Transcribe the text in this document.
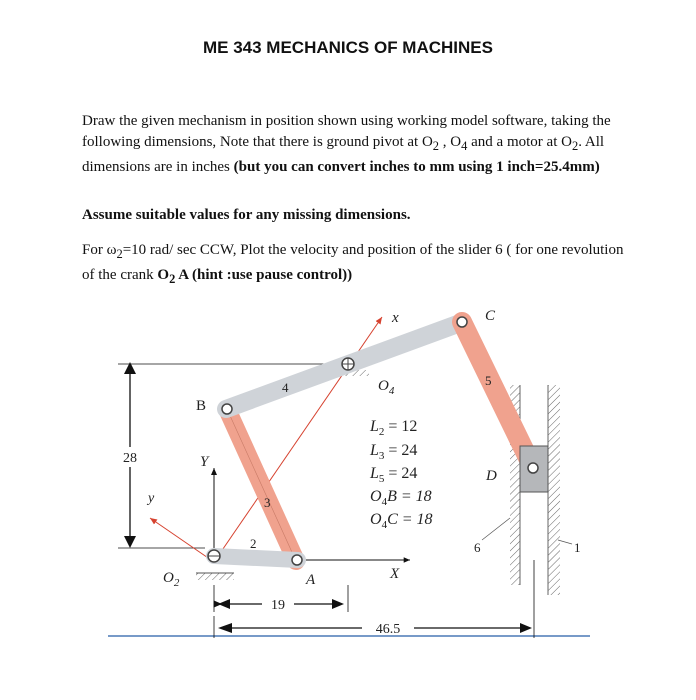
ME 343 MECHANICS OF MACHINES
Draw the given mechanism in position shown using working model software, taking the following dimensions, Note that there is ground pivot at $O_2$ , $O_4$ and a motor at $O_2$. All dimensions are in inches (but you can convert inches to mm using 1 inch=25.4mm)
Assume suitable values for any missing dimensions.
For $\omega_2=10$ rad/ sec CCW, Plot the velocity and position of the slider 6 ( for one revolution of the crank $O_2$ A (hint :use pause control))
28
19
46.5
x
y
Y
X
B
A
C
D
$O_2$
$O_4$
2
3
4	5
6	1
$L_2 = 12$
$L_3 = 24$
$L_5 = 24$
$O_4B = 18$
$O_4C = 18$
